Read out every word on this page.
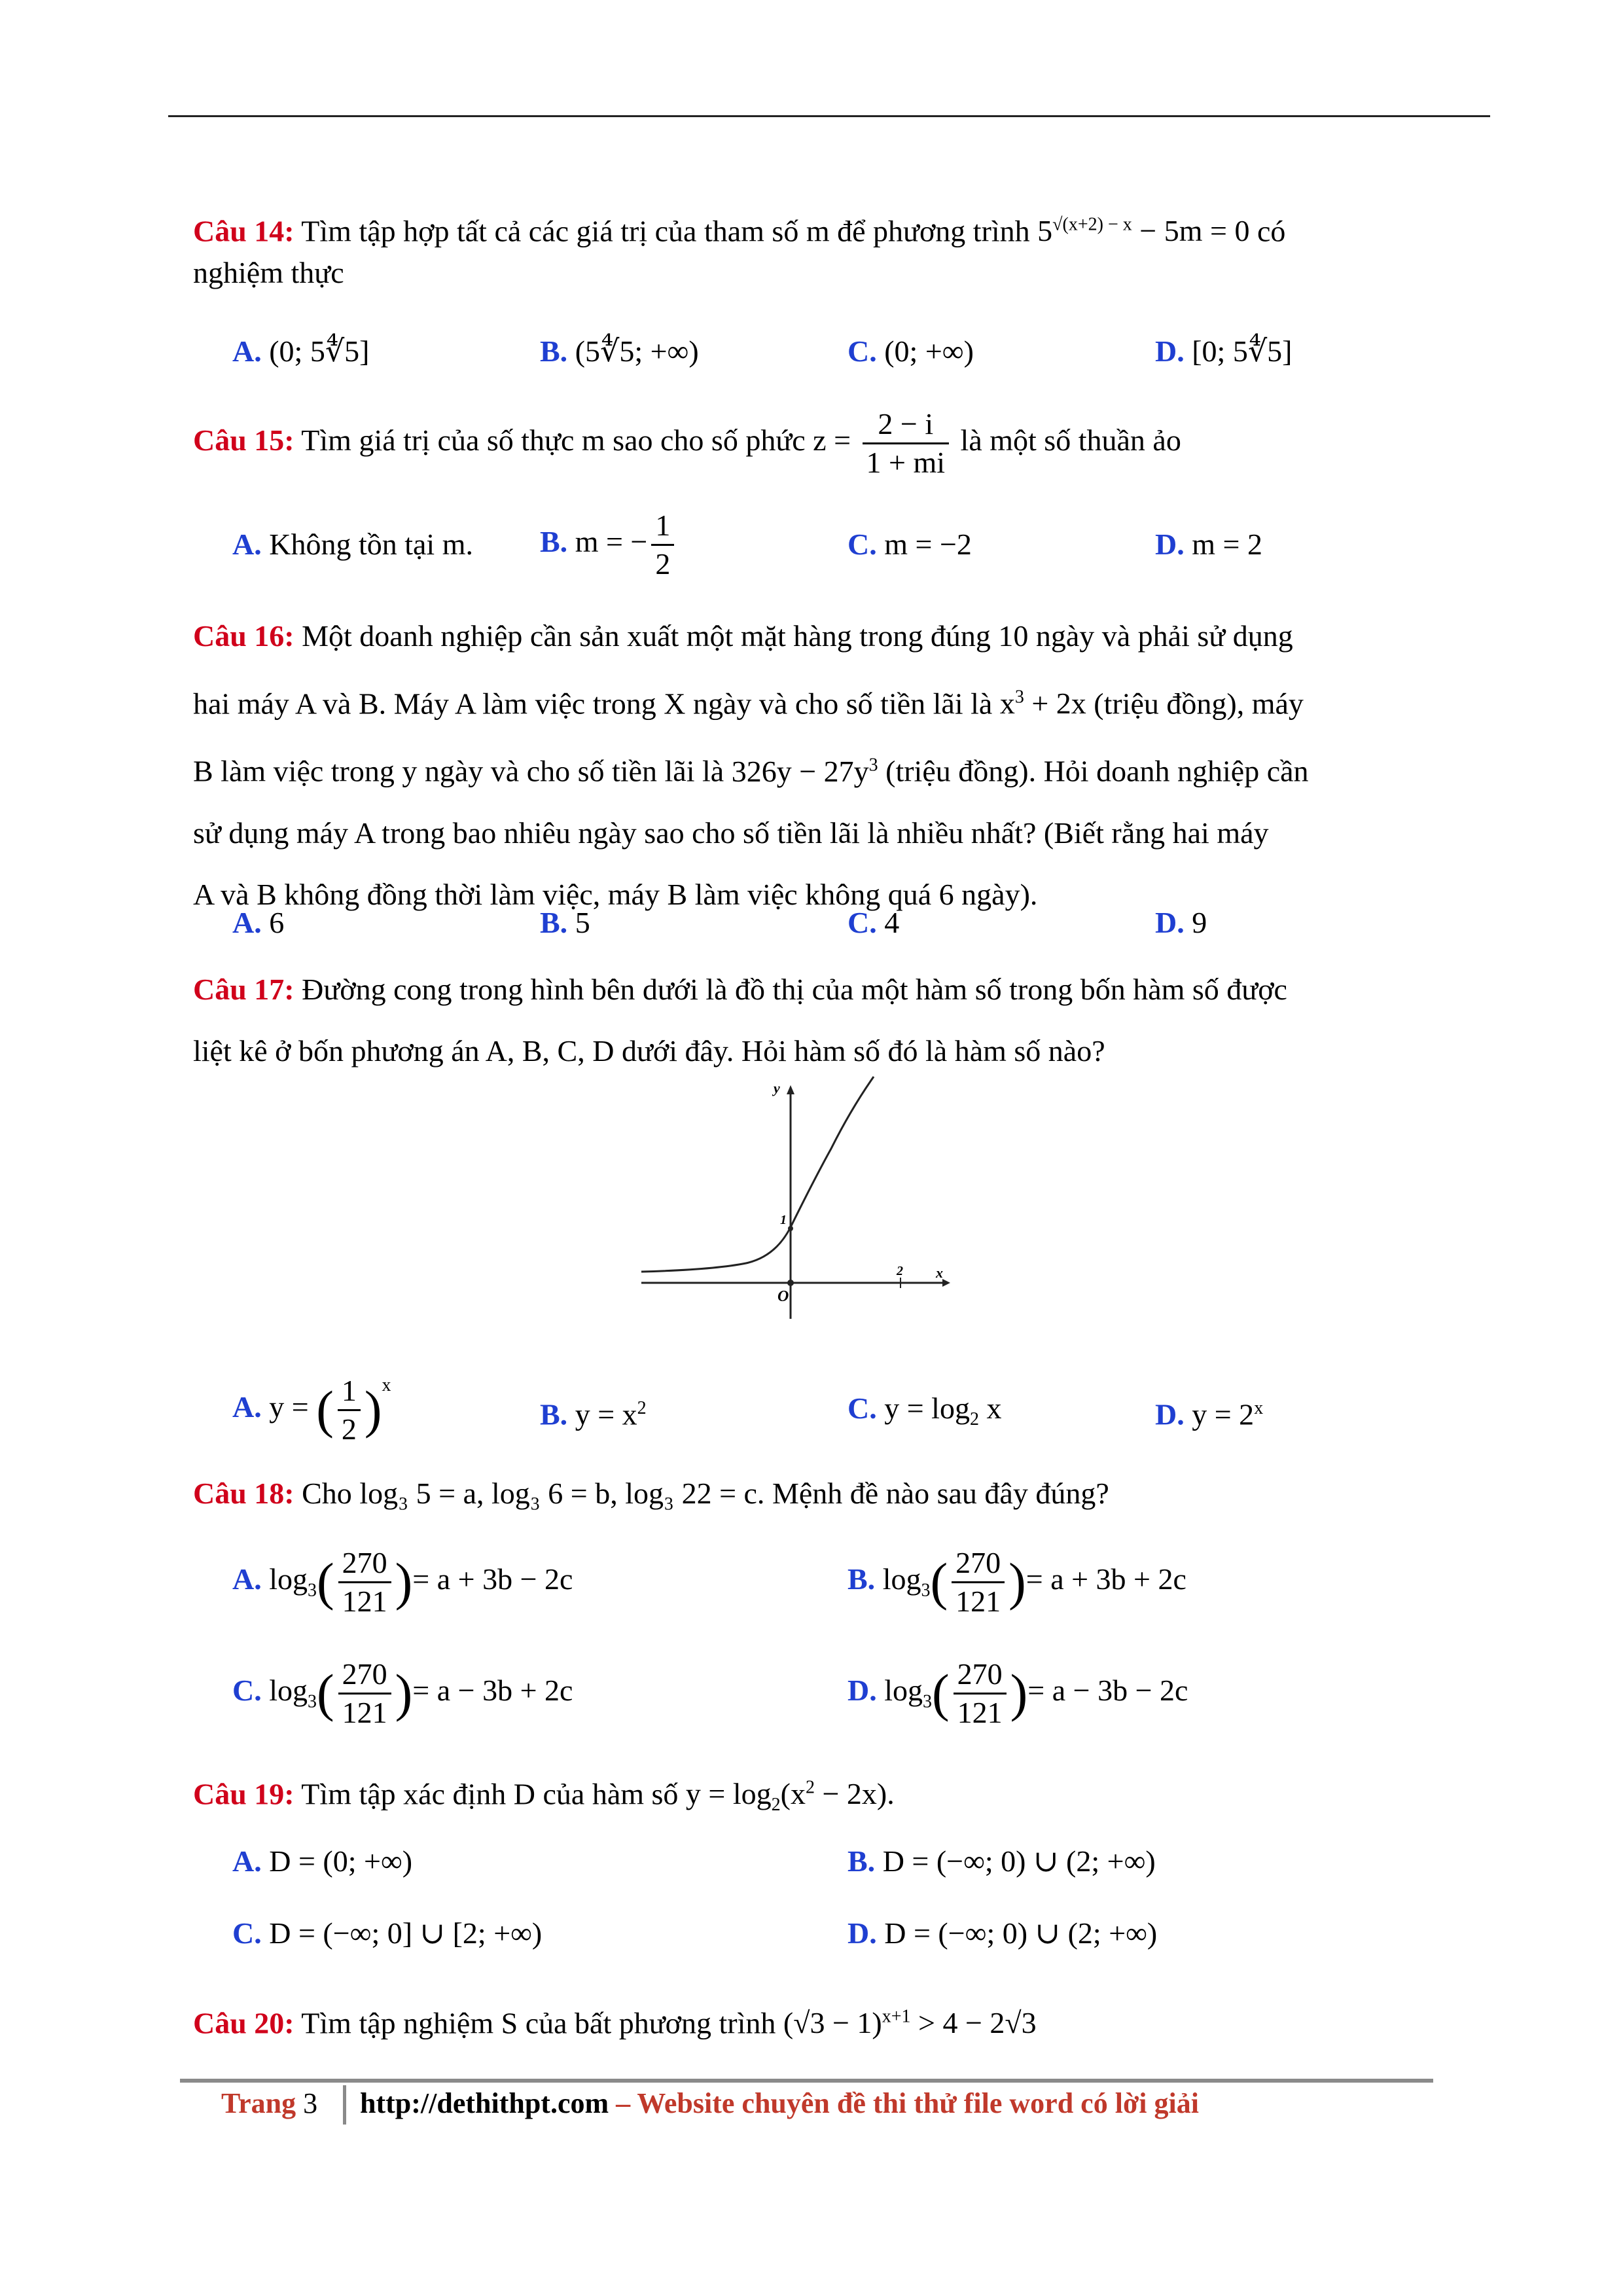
Câu 14: Tìm tập hợp tất cả các giá trị của tham số m để phương trình $5^{√(x+2) - x} - 5m = 0$ có
nghiệm thực
A. (0; 5∜5]	B. (5∜5; +∞)	C. (0; +∞)	D. [0; 5∜5]
Câu 15: Tìm giá trị của số thực m sao cho số phức $z = \frac{2 - i}{1 + mi}$ là một số thuần ảo
A. Không tồn tại m. B. m = − $\frac{1}{2}$	C. m = −2	D. m = 2
Câu 16: Một doanh nghiệp cần sản xuất một mặt hàng trong đúng 10 ngày và phải sử dụng
hai máy A và B. Máy A làm việc trong X ngày và cho số tiền lãi là $x^3 + 2x$ (triệu đồng), máy
B làm việc trong y ngày và cho số tiền lãi là $326y - 27y^3$ (triệu đồng). Hỏi doanh nghiệp cần
sử dụng máy A trong bao nhiêu ngày sao cho số tiền lãi là nhiều nhất? (Biết rằng hai máy
A và B không đồng thời làm việc, máy B làm việc không quá 6 ngày).
A. 6	B. 5	C. 4	D. 9
Câu 17: Đường cong trong hình bên dưới là đồ thị của một hàm số trong bốn hàm số được
liệt kê ở bốn phương án A, B, C, D dưới đây. Hỏi hàm số đó là hàm số nào?
y
x
O
1
2
A. y = ( $\frac{1}{2} )^x$
B. $y = x^2$	C. $y = \log_2 x$	D. $y = 2^x$
Câu 18: Cho log₃ 5 = a, log₃ 6 = b, log₃ 22 = c. Mệnh đề nào sau đây đúng?
A. $\log_3( \frac{270}{121}$ )= a + 3b − 2c	B. $\log_3( \frac{270}{121}$ )= a + 3b + 2c
C. $\log_3( \frac{270}{121}$ )= a − 3b + 2c	D. $\log_3( \frac{270}{121}$ )= a − 3b − 2c
Câu 19: Tìm tập xác định D của hàm số $y = \log_2(x^2 - 2x)$.
A. D = (0; +∞)	B. D = (−∞; 0) ∪ (2; +∞)
C. D = (−∞; 0] ∪ [2; +∞)	D. D = (−∞; 0) ∪ (2; +∞)
Câu 20: Tìm tập nghiệm S của bất phương trình $(√3 - 1)^{x+1} > 4 - 2√3$
Trang 3 http://dethithpt.com – Website chuyên đề thi thử file word có lời giải
